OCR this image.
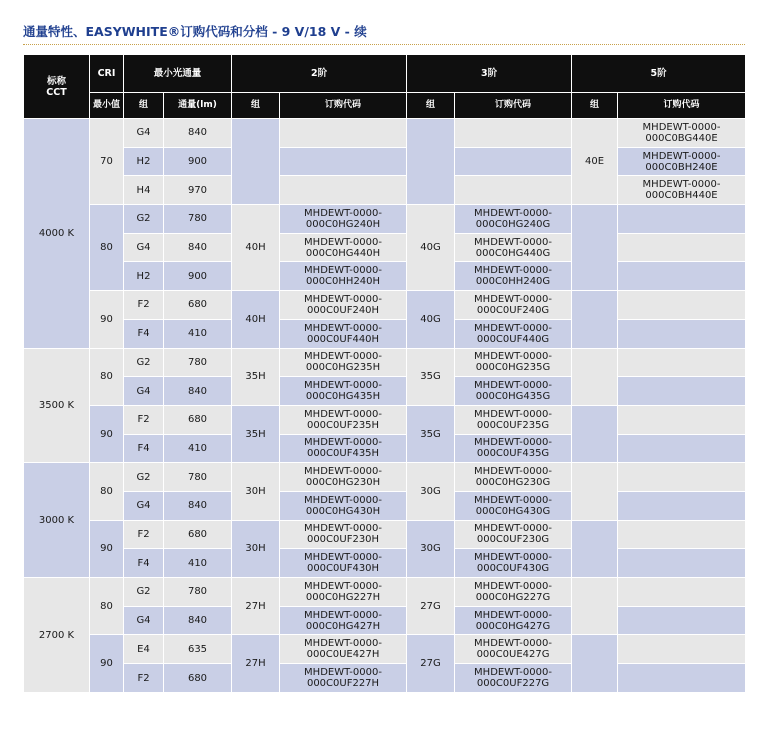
通量特性、EASYWHITE®订购代码和分档 - 9 V/18 V - 续
标称
CCT	CRI	最小光通量		2阶		3阶		5阶	
	最小值	组	通量(lm)	组	订购代码	组	订购代码	组	订购代码
4000 K	70	G4	840					40E	MHDEWT-0000-000C0BG440E
		H2	900						MHDEWT-0000-000C0BH240E
		H4	970						MHDEWT-0000-000C0BH440E
	80	G2	780	40H	MHDEWT-0000-000C0HG240H	40G	MHDEWT-0000-000C0HG240G		
		G4	840		MHDEWT-0000-000C0HG440H		MHDEWT-0000-000C0HG440G		
		H2	900		MHDEWT-0000-000C0HH240H		MHDEWT-0000-000C0HH240G		
	90	F2	680	40H	MHDEWT-0000-000C0UF240H	40G	MHDEWT-0000-000C0UF240G		
		F4	410		MHDEWT-0000-000C0UF440H		MHDEWT-0000-000C0UF440G		
3500 K	80	G2	780	35H	MHDEWT-0000-000C0HG235H	35G	MHDEWT-0000-000C0HG235G		
		G4	840		MHDEWT-0000-000C0HG435H		MHDEWT-0000-000C0HG435G		
	90	F2	680	35H	MHDEWT-0000-000C0UF235H	35G	MHDEWT-0000-000C0UF235G		
		F4	410		MHDEWT-0000-000C0UF435H		MHDEWT-0000-000C0UF435G		
3000 K	80	G2	780	30H	MHDEWT-0000-000C0HG230H	30G	MHDEWT-0000-000C0HG230G		
		G4	840		MHDEWT-0000-000C0HG430H		MHDEWT-0000-000C0HG430G		
	90	F2	680	30H	MHDEWT-0000-000C0UF230H	30G	MHDEWT-0000-000C0UF230G		
		F4	410		MHDEWT-0000-000C0UF430H		MHDEWT-0000-000C0UF430G		
2700 K	80	G2	780	27H	MHDEWT-0000-000C0HG227H	27G	MHDEWT-0000-000C0HG227G		
		G4	840		MHDEWT-0000-000C0HG427H		MHDEWT-0000-000C0HG427G		
	90	E4	635	27H	MHDEWT-0000-000C0UE427H	27G	MHDEWT-0000-000C0UE427G		
		F2	680		MHDEWT-0000-000C0UF227H		MHDEWT-0000-000C0UF227G		
